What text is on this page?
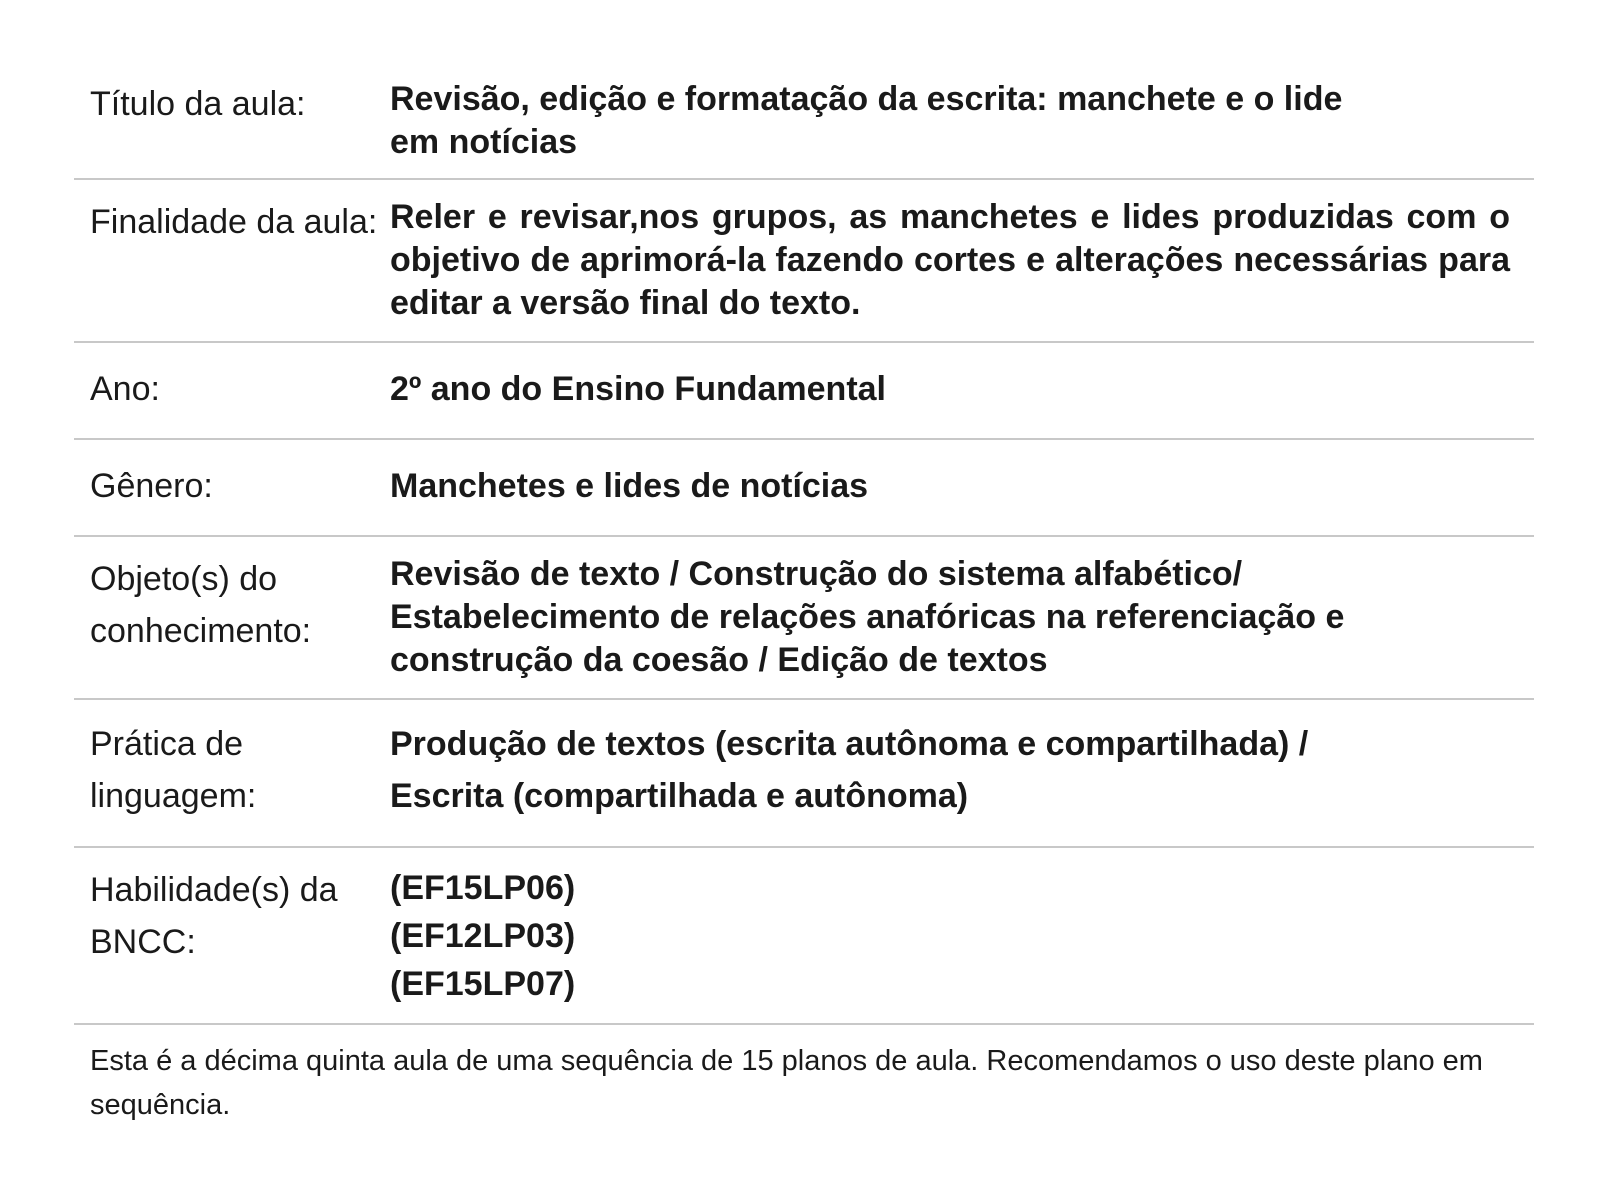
Título da aula:	Revisão, edição e formatação da escrita: manchete e o lide
em notícias
Finalidade da aula: Reler e revisar,nos grupos, as manchetes e lides produzidas com o objetivo de aprimorá-la fazendo cortes e alterações necessárias para editar a versão final do texto.
Ano:	2º ano do Ensino Fundamental
Gênero:	Manchetes e lides de notícias
Objeto(s) do conhecimento:
Revisão de texto / Construção do sistema alfabético/
Estabelecimento de relações anafóricas na referenciação e
construção da coesão / Edição de textos
Prática de linguagem:
Produção de textos (escrita autônoma e compartilhada) /
Escrita (compartilhada e autônoma)
Habilidade(s) da BNCC:
(EF15LP06)
(EF12LP03)
(EF15LP07)
Esta é a décima quinta aula de uma sequência de 15 planos de aula. Recomendamos o uso deste plano em sequência.
